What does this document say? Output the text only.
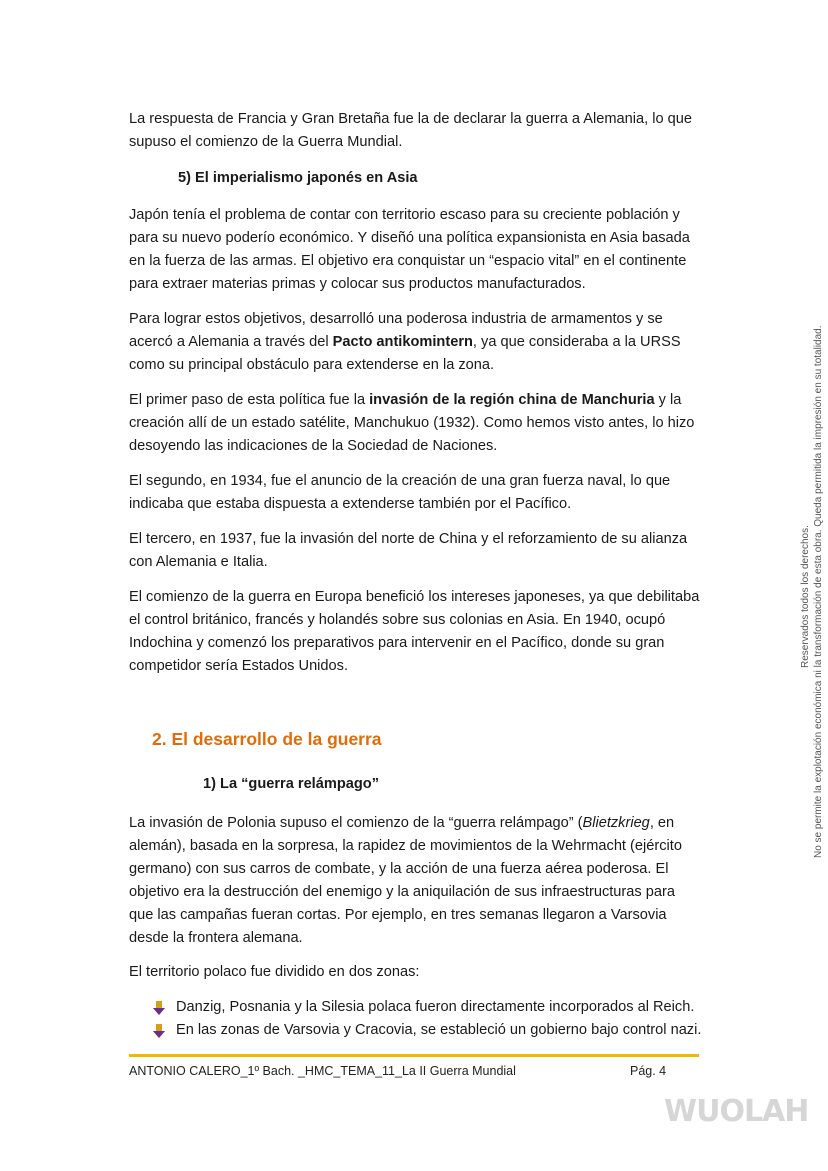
La respuesta de Francia y Gran Bretaña fue la de declarar la guerra a Alemania, lo que supuso el comienzo de la Guerra Mundial.

5) El imperialismo japonés en Asia

Japón tenía el problema de contar con territorio escaso para su creciente población y para su nuevo poderío económico. Y diseñó una política expansionista en Asia basada en la fuerza de las armas. El objetivo era conquistar un “espacio vital” en el continente para extraer materias primas y colocar sus productos manufacturados.

Para lograr estos objetivos, desarrolló una poderosa industria de armamentos y se acercó a Alemania a través del Pacto antikomintern, ya que consideraba a la URSS como su principal obstáculo para extenderse en la zona.

El primer paso de esta política fue la invasión de la región china de Manchuria y la creación allí de un estado satélite, Manchukuo (1932). Como hemos visto antes, lo hizo desoyendo las indicaciones de la Sociedad de Naciones.

El segundo, en 1934, fue el anuncio de la creación de una gran fuerza naval, lo que indicaba que estaba dispuesta a extenderse también por el Pacífico.

El tercero, en 1937, fue la invasión del norte de China y el reforzamiento de su alianza con Alemania e Italia.

El comienzo de la guerra en Europa benefició los intereses japoneses, ya que debilitaba el control británico, francés y holandés sobre sus colonias en Asia. En 1940, ocupó Indochina y comenzó los preparativos para intervenir en el Pacífico, donde su gran competidor sería Estados Unidos.

2. El desarrollo de la guerra

1) La “guerra relámpago”

La invasión de Polonia supuso el comienzo de la “guerra relámpago” (Blietzkrieg, en alemán), basada en la sorpresa, la rapidez de movimientos de la Wehrmacht (ejército germano) con sus carros de combate, y la acción de una fuerza aérea poderosa. El objetivo era la destrucción del enemigo y la aniquilación de sus infraestructuras para que las campañas fueran cortas. Por ejemplo, en tres semanas llegaron a Varsovia desde la frontera alemana.

El territorio polaco fue dividido en dos zonas:

Danzig, Posnania y la Silesia polaca fueron directamente incorporados al Reich.

En las zonas de Varsovia y Cracovia, se estableció un gobierno bajo control nazi.

ANTONIO CALERO_1º Bach. _HMC_TEMA_11_La II Guerra Mundial	Pág. 4
Reservados todos los derechos. No se permite la explotación económica ni la transformación de esta obra. Queda permitida la impresión en su totalidad.
WUOLAH
